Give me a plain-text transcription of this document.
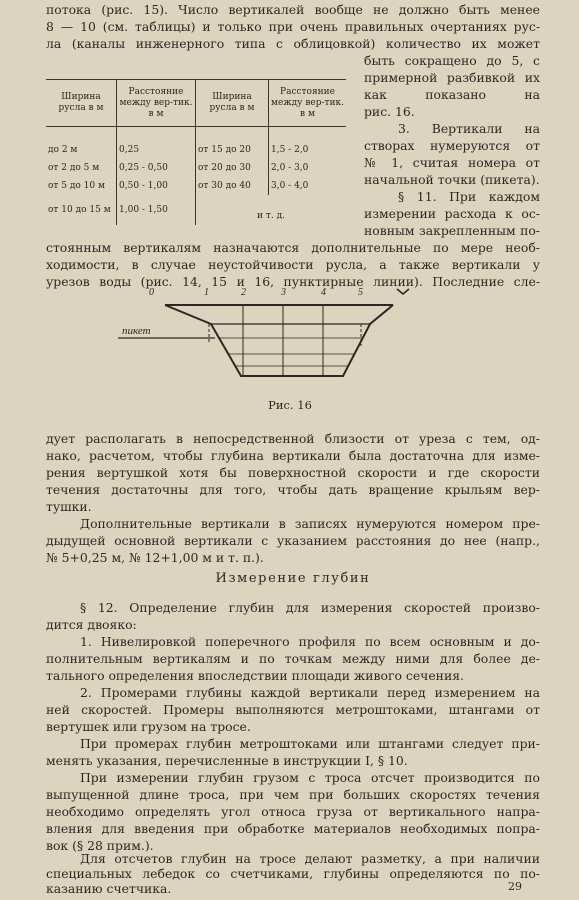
потока (рис. 15). Число вертикалей вообще не должно быть менее
8 — 10 (см. таблицы) и только при очень правильных очертаниях рус-
ла (каналы инженерного типа с облицовкой) количество их может
Ширина русла в м	Расстояние между вер-тик. в м	Ширина русла в м	Расстояние между вер-тик. в м
до 2 м	0,25	от 15 до 20	1,5 - 2,0
от 2 до 5 м	0,25 - 0,50	от 20 до 30	2,0 - 3,0
от 5 до 10 м	0,50 - 1,00	от 30 до 40	3,0 - 4,0
от 10 до 15 м	1,00 - 1,50	и т. д.	
быть сокращено до 5, с
примерной разбивкой их
как показано на
рис. 16.
3. Вертикали на
створах нумеруются от
№ 1, считая номера от
начальной точки (пикета).
§ 11. При каждом
измерении расхода к ос-
новным закрепленным по-
стоянным вертикалям назначаются дополнительные по мере необ-
ходимости, в случае неустойчивости русла, а также вертикали у
урезов воды (рис. 14, 15 и 16, пунктирные линии). Последние сле-
0	1	2	3	4	5
пикет
Рис. 16
дует располагать в непосредственной близости от уреза с тем, од-
нако, расчетом, чтобы глубина вертикали была достаточна для изме-
рения вертушкой хотя бы поверхностной скорости и где скорости
течения достаточны для того, чтобы дать вращение крыльям вер-
тушки.
Дополнительные вертикали в записях нумеруются номером пре-
дыдущей основной вертикали с указанием расстояния до нее (напр.,
№ 5+0,25 м, № 12+1,00 м и т. п.).
Измерение глубин
§ 12. Определение глубин для измерения скоростей произво-
дится двояко:
1. Нивелировкой поперечного профиля по всем основным и до-
полнительным вертикалям и по точкам между ними для более де-
тального определения впоследствии площади живого сечения.
2. Промерами глубины каждой вертикали перед измерением на
ней скоростей. Промеры выполняются метроштоками, штангами от
вертушек или грузом на тросе.
При промерах глубин метроштоками или штангами следует при-
менять указания, перечисленные в инструкции I, § 10.
При измерении глубин грузом с троса отсчет производится по
выпущенной длине троса, при чем при больших скоростях течения
необходимо определять угол относа груза от вертикального напра-
вления для введения при обработке материалов необходимых попра-
вок (§ 28 прим.).
Для отсчетов глубин на тросе делают разметку, а при наличии
специальных лебедок со счетчиками, глубины определяются по по-
казанию счетчика.	29
